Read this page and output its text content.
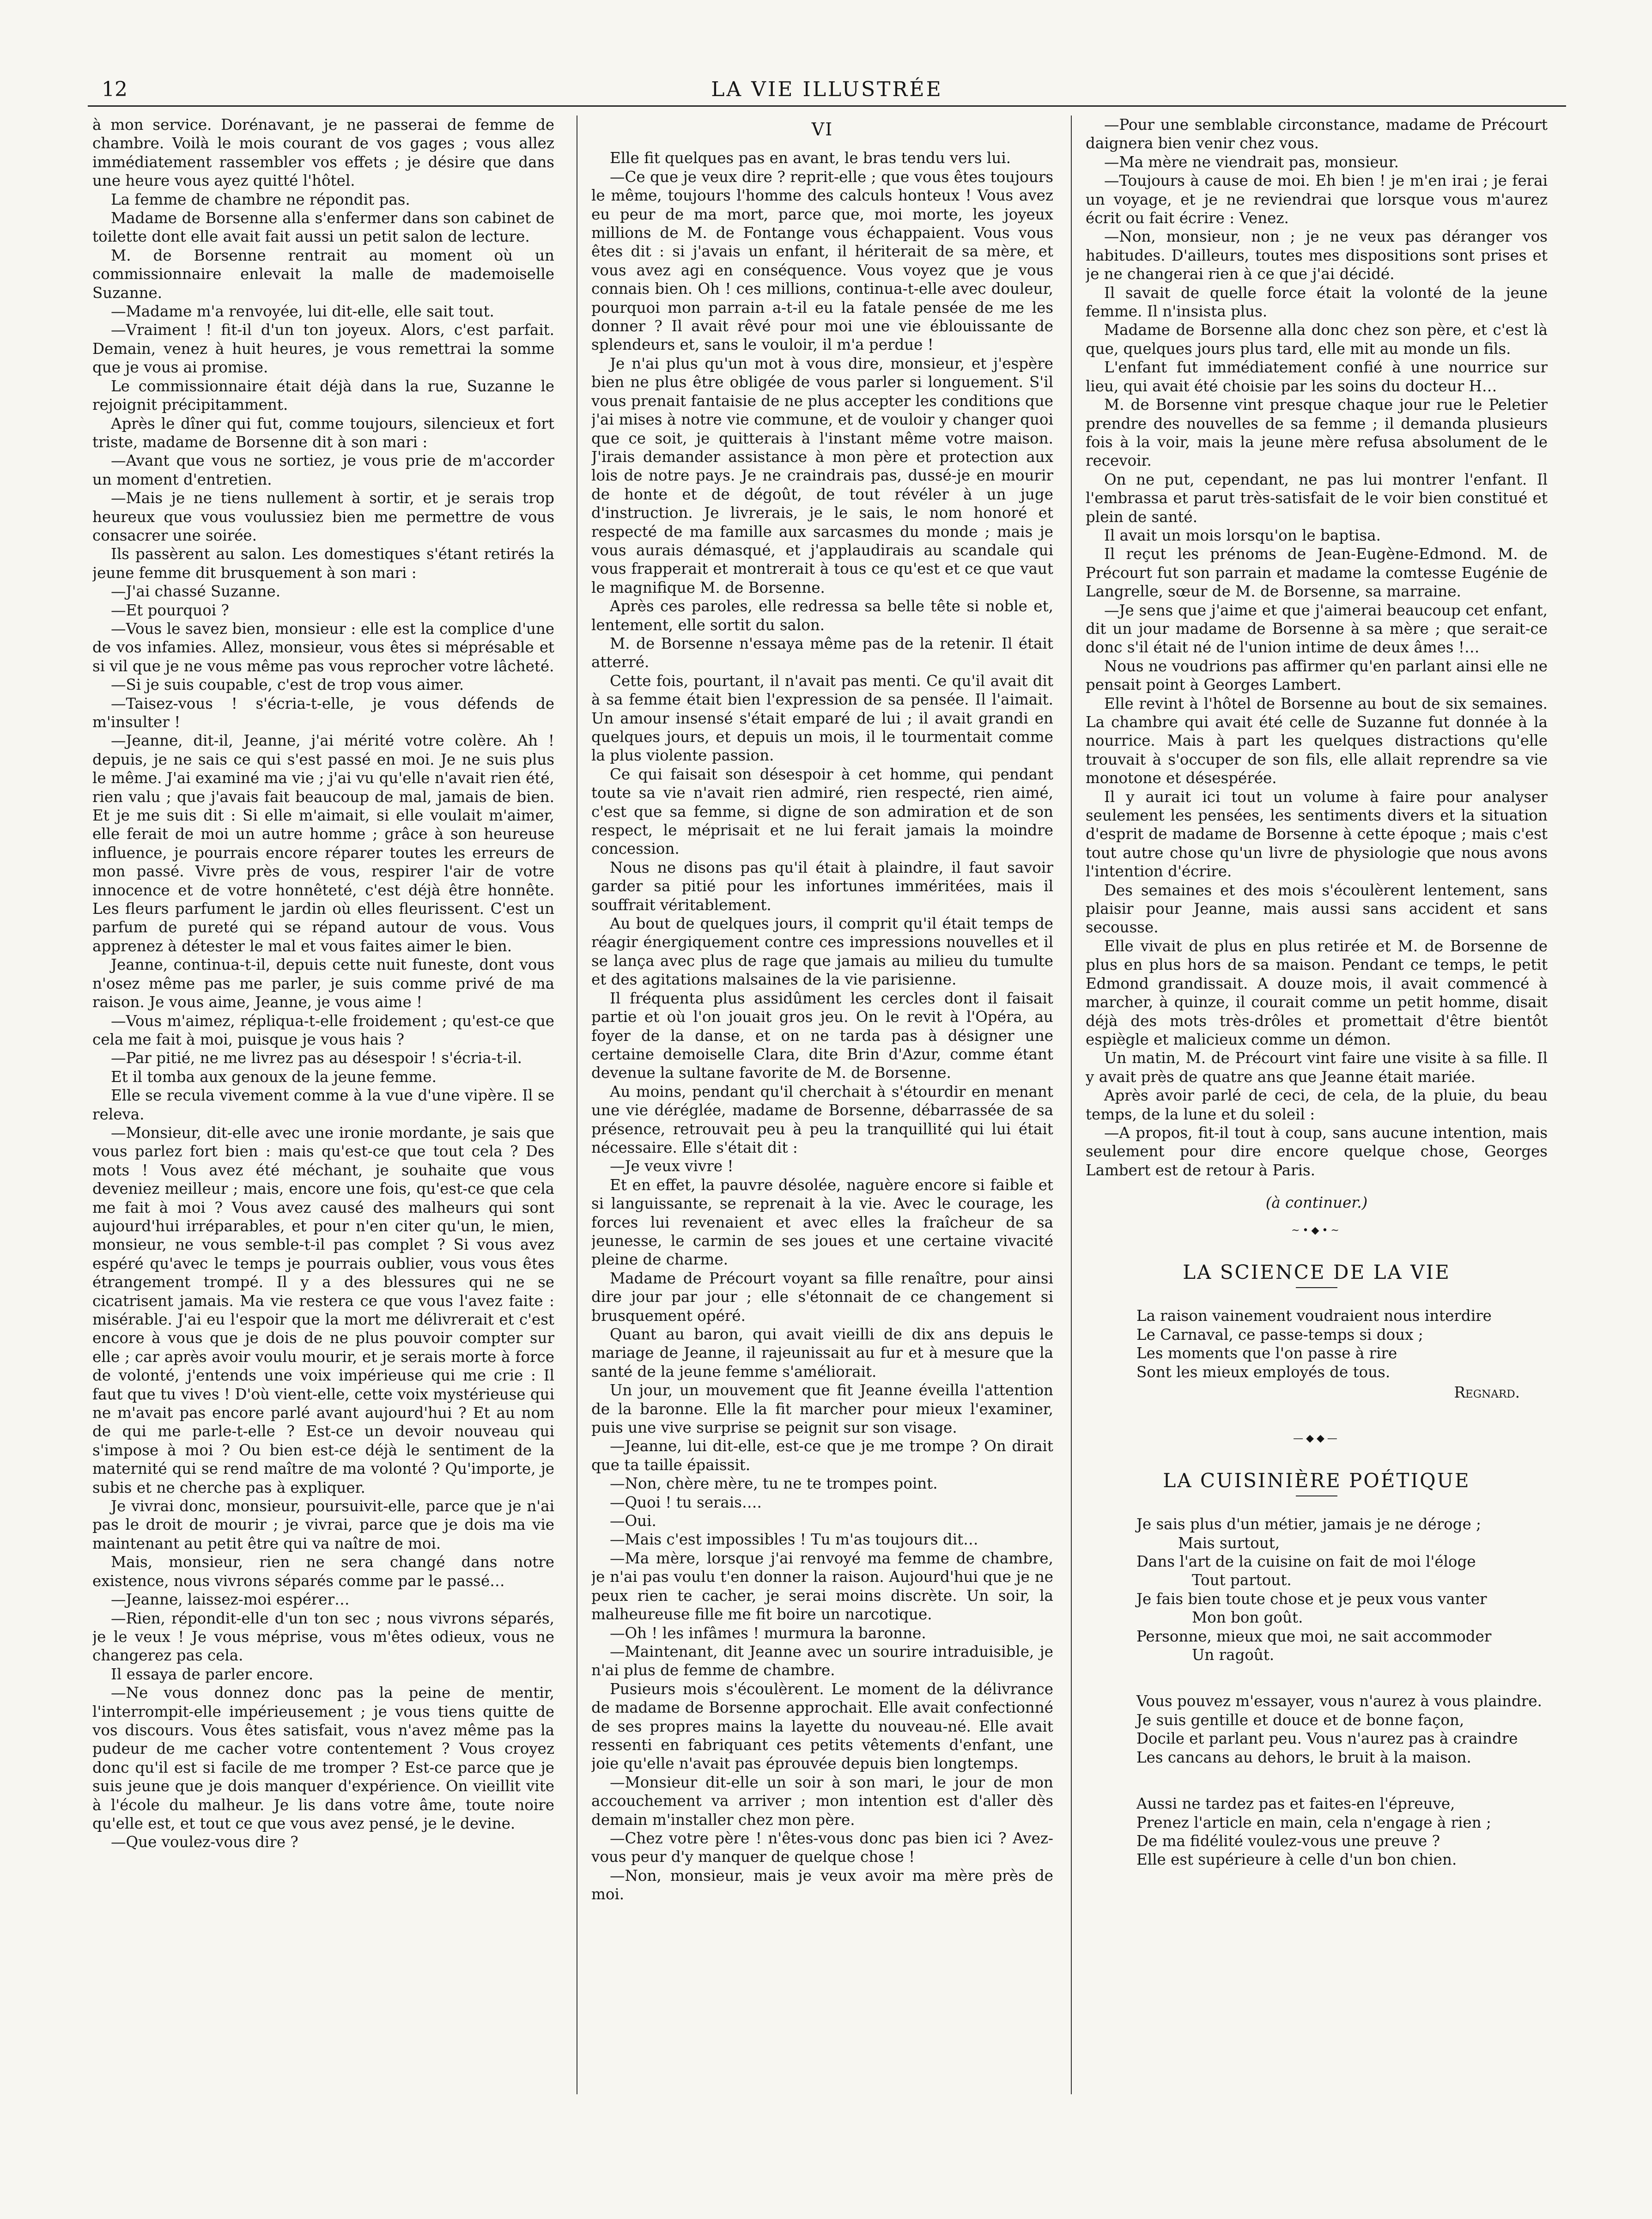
12	LA VIE ILLUSTRÉE

à mon service. Dorénavant, je ne passerai de femme de chambre. Voilà le mois courant de vos gages ; vous allez immédiatement rassembler vos effets ; je désire que dans une heure vous ayez quitté l'hôtel.

La femme de chambre ne répondit pas.

Madame de Borsenne alla s'enfermer dans son cabinet de toilette dont elle avait fait aussi un petit salon de lecture.

M. de Borsenne rentrait au moment où un commissionnaire enlevait la malle de mademoiselle Suzanne.

—Madame m'a renvoyée, lui dit-elle, elle sait tout.

—Vraiment ! fit-il d'un ton joyeux. Alors, c'est parfait. Demain, venez à huit heures, je vous remettrai la somme que je vous ai promise.

Le commissionnaire était déjà dans la rue, Suzanne le rejoignit précipitamment.

Après le dîner qui fut, comme toujours, silencieux et fort triste, madame de Borsenne dit à son mari :

—Avant que vous ne sortiez, je vous prie de m'accorder un moment d'entretien.

—Mais je ne tiens nullement à sortir, et je serais trop heureux que vous voulussiez bien me permettre de vous consacrer une soirée.

Ils passèrent au salon. Les domestiques s'étant retirés la jeune femme dit brusquement à son mari :

—J'ai chassé Suzanne.

—Et pourquoi ?

—Vous le savez bien, monsieur : elle est la complice d'une de vos infamies. Allez, monsieur, vous êtes si méprésable et si vil que je ne vous même pas vous reprocher votre lâcheté.

—Si je suis coupable, c'est de trop vous aimer.

—Taisez-vous ! s'écria-t-elle, je vous défends de m'insulter !

—Jeanne, dit-il, Jeanne, j'ai mérité votre colère. Ah ! depuis, je ne sais ce qui s'est passé en moi. Je ne suis plus le même. J'ai examiné ma vie ; j'ai vu qu'elle n'avait rien été, rien valu ; que j'avais fait beaucoup de mal, jamais de bien. Et je me suis dit : Si elle m'aimait, si elle voulait m'aimer, elle ferait de moi un autre homme ; grâce à son heureuse influence, je pourrais encore réparer toutes les erreurs de mon passé. Vivre près de vous, respirer l'air de votre innocence et de votre honnêteté, c'est déjà être honnête. Les fleurs parfument le jardin où elles fleurissent. C'est un parfum de pureté qui se répand autour de vous. Vous apprenez à détester le mal et vous faites aimer le bien.

Jeanne, continua-t-il, depuis cette nuit funeste, dont vous n'osez même pas me parler, je suis comme privé de ma raison. Je vous aime, Jeanne, je vous aime !

—Vous m'aimez, répliqua-t-elle froidement ; qu'est-ce que cela me fait à moi, puisque je vous hais ?

—Par pitié, ne me livrez pas au désespoir ! s'écria-t-il.

Et il tomba aux genoux de la jeune femme.

Elle se recula vivement comme à la vue d'une vipère. Il se releva.

—Monsieur, dit-elle avec une ironie mordante, je sais que vous parlez fort bien : mais qu'est-ce que tout cela ? Des mots ! Vous avez été méchant, je souhaite que vous deveniez meilleur ; mais, encore une fois, qu'est-ce que cela me fait à moi ? Vous avez causé des malheurs qui sont aujourd'hui irréparables, et pour n'en citer qu'un, le mien, monsieur, ne vous semble-t-il pas complet ? Si vous avez espéré qu'avec le temps je pourrais oublier, vous vous êtes étrangement trompé. Il y a des blessures qui ne se cicatrisent jamais. Ma vie restera ce que vous l'avez faite : misérable. J'ai eu l'espoir que la mort me délivrerait et c'est encore à vous que je dois de ne plus pouvoir compter sur elle ; car après avoir voulu mourir, et je serais morte à force de volonté, j'entends une voix impérieuse qui me crie : Il faut que tu vives ! D'où vient-elle, cette voix mystérieuse qui ne m'avait pas encore parlé avant aujourd'hui ? Et au nom de qui me parle-t-elle ? Est-ce un devoir nouveau qui s'impose à moi ? Ou bien est-ce déjà le sentiment de la maternité qui se rend maître de ma volonté ? Qu'importe, je subis et ne cherche pas à expliquer.

Je vivrai donc, monsieur, poursuivit-elle, parce que je n'ai pas le droit de mourir ; je vivrai, parce que je dois ma vie maintenant au petit être qui va naître de moi.

Mais, monsieur, rien ne sera changé dans notre existence, nous vivrons séparés comme par le passé…

—Jeanne, laissez-moi espérer…

—Rien, répondit-elle d'un ton sec ; nous vivrons séparés, je le veux ! Je vous méprise, vous m'êtes odieux, vous ne changerez pas cela.

Il essaya de parler encore.

—Ne vous donnez donc pas la peine de mentir, l'interrompit-elle impérieusement ; je vous tiens quitte de vos discours. Vous êtes satisfait, vous n'avez même pas la pudeur de me cacher votre contentement ? Vous croyez donc qu'il est si facile de me tromper ? Est-ce parce que je suis jeune que je dois manquer d'expérience. On vieillit vite à l'école du malheur. Je lis dans votre âme, toute noire qu'elle est, et tout ce que vous avez pensé, je le devine.

—Que voulez-vous dire ?

VI

Elle fit quelques pas en avant, le bras tendu vers lui.

—Ce que je veux dire ? reprit-elle ; que vous êtes toujours le même, toujours l'homme des calculs honteux ! Vous avez eu peur de ma mort, parce que, moi morte, les joyeux millions de M. de Fontange vous échappaient. Vous vous êtes dit : si j'avais un enfant, il hériterait de sa mère, et vous avez agi en conséquence. Vous voyez que je vous connais bien. Oh ! ces millions, continua-t-elle avec douleur, pourquoi mon parrain a-t-il eu la fatale pensée de me les donner ? Il avait rêvé pour moi une vie éblouissante de splendeurs et, sans le vouloir, il m'a perdue !

Je n'ai plus qu'un mot à vous dire, monsieur, et j'espère bien ne plus être obligée de vous parler si longuement. S'il vous prenait fantaisie de ne plus accepter les conditions que j'ai mises à notre vie commune, et de vouloir y changer quoi que ce soit, je quitterais à l'instant même votre maison. J'irais demander assistance à mon père et protection aux lois de notre pays. Je ne craindrais pas, dussé-je en mourir de honte et de dégoût, de tout révéler à un juge d'instruction. Je livrerais, je le sais, le nom honoré et respecté de ma famille aux sarcasmes du monde ; mais je vous aurais démasqué, et j'applaudirais au scandale qui vous frapperait et montrerait à tous ce qu'est et ce que vaut le magnifique M. de Borsenne.

Après ces paroles, elle redressa sa belle tête si noble et, lentement, elle sortit du salon.

M. de Borsenne n'essaya même pas de la retenir. Il était atterré.

Cette fois, pourtant, il n'avait pas menti. Ce qu'il avait dit à sa femme était bien l'expression de sa pensée. Il l'aimait. Un amour insensé s'était emparé de lui ; il avait grandi en quelques jours, et depuis un mois, il le tourmentait comme la plus violente passion.

Ce qui faisait son désespoir à cet homme, qui pendant toute sa vie n'avait rien admiré, rien respecté, rien aimé, c'est que sa femme, si digne de son admiration et de son respect, le méprisait et ne lui ferait jamais la moindre concession.

Nous ne disons pas qu'il était à plaindre, il faut savoir garder sa pitié pour les infortunes imméritées, mais il souffrait véritablement.

Au bout de quelques jours, il comprit qu'il était temps de réagir énergiquement contre ces impressions nouvelles et il se lança avec plus de rage que jamais au milieu du tumulte et des agitations malsaines de la vie parisienne.

Il fréquenta plus assidûment les cercles dont il faisait partie et où l'on jouait gros jeu. On le revit à l'Opéra, au foyer de la danse, et on ne tarda pas à désigner une certaine demoiselle Clara, dite Brin d'Azur, comme étant devenue la sultane favorite de M. de Borsenne.

Au moins, pendant qu'il cherchait à s'étourdir en menant une vie déréglée, madame de Borsenne, débarrassée de sa présence, retrouvait peu à peu la tranquillité qui lui était nécessaire. Elle s'était dit :

—Je veux vivre !

Et en effet, la pauvre désolée, naguère encore si faible et si languissante, se reprenait à la vie. Avec le courage, les forces lui revenaient et avec elles la fraîcheur de sa jeunesse, le carmin de ses joues et une certaine vivacité pleine de charme.

Madame de Précourt voyant sa fille renaître, pour ainsi dire jour par jour ; elle s'étonnait de ce changement si brusquement opéré.

Quant au baron, qui avait vieilli de dix ans depuis le mariage de Jeanne, il rajeunissait au fur et à mesure que la santé de la jeune femme s'améliorait.

Un jour, un mouvement que fit Jeanne éveilla l'attention de la baronne. Elle la fit marcher pour mieux l'examiner, puis une vive surprise se peignit sur son visage.

—Jeanne, lui dit-elle, est-ce que je me trompe ? On dirait que ta taille épaissit.

—Non, chère mère, tu ne te trompes point.

—Quoi ! tu serais….

—Oui.

—Mais c'est impossibles ! Tu m'as toujours dit…

—Ma mère, lorsque j'ai renvoyé ma femme de chambre, je n'ai pas voulu t'en donner la raison. Aujourd'hui que je ne peux rien te cacher, je serai moins discrète. Un soir, la malheureuse fille me fit boire un narcotique.

—Oh ! les infâmes ! murmura la baronne.

—Maintenant, dit Jeanne avec un sourire intraduisible, je n'ai plus de femme de chambre.

Pusieurs mois s'écoulèrent. Le moment de la délivrance de madame de Borsenne approchait. Elle avait confectionné de ses propres mains la layette du nouveau-né. Elle avait ressenti en fabriquant ces petits vêtements d'enfant, une joie qu'elle n'avait pas éprouvée depuis bien longtemps.

—Monsieur dit-elle un soir à son mari, le jour de mon accouchement va arriver ; mon intention est d'aller dès demain m'installer chez mon père.

—Chez votre père ! n'êtes-vous donc pas bien ici ? Avez-vous peur d'y manquer de quelque chose !

—Non, monsieur, mais je veux avoir ma mère près de moi.

—Pour une semblable circonstance, madame de Précourt daignera bien venir chez vous.

—Ma mère ne viendrait pas, monsieur.

—Toujours à cause de moi. Eh bien ! je m'en irai ; je ferai un voyage, et je ne reviendrai que lorsque vous m'aurez écrit ou fait écrire : Venez.

—Non, monsieur, non ; je ne veux pas déranger vos habitudes. D'ailleurs, toutes mes dispositions sont prises et je ne changerai rien à ce que j'ai décidé.

Il savait de quelle force était la volonté de la jeune femme. Il n'insista plus.

Madame de Borsenne alla donc chez son père, et c'est là que, quelques jours plus tard, elle mit au monde un fils.

L'enfant fut immédiatement confié à une nourrice sur lieu, qui avait été choisie par les soins du docteur H…

M. de Borsenne vint presque chaque jour rue le Peletier prendre des nouvelles de sa femme ; il demanda plusieurs fois à la voir, mais la jeune mère refusa absolument de le recevoir.

On ne put, cependant, ne pas lui montrer l'enfant. Il l'embrassa et parut très-satisfait de le voir bien constitué et plein de santé.

Il avait un mois lorsqu'on le baptisa.

Il reçut les prénoms de Jean-Eugène-Edmond. M. de Précourt fut son parrain et madame la comtesse Eugénie de Langrelle, sœur de M. de Borsenne, sa marraine.

—Je sens que j'aime et que j'aimerai beaucoup cet enfant, dit un jour madame de Borsenne à sa mère ; que serait-ce donc s'il était né de l'union intime de deux âmes !…

Nous ne voudrions pas affirmer qu'en parlant ainsi elle ne pensait point à Georges Lambert.

Elle revint à l'hôtel de Borsenne au bout de six semaines. La chambre qui avait été celle de Suzanne fut donnée à la nourrice. Mais à part les quelques distractions qu'elle trouvait à s'occuper de son fils, elle allait reprendre sa vie monotone et désespérée.

Il y aurait ici tout un volume à faire pour analyser seulement les pensées, les sentiments divers et la situation d'esprit de madame de Borsenne à cette époque ; mais c'est tout autre chose qu'un livre de physiologie que nous avons l'intention d'écrire.

Des semaines et des mois s'écoulèrent lentement, sans plaisir pour Jeanne, mais aussi sans accident et sans secousse.

Elle vivait de plus en plus retirée et M. de Borsenne de plus en plus hors de sa maison. Pendant ce temps, le petit Edmond grandissait. A douze mois, il avait commencé à marcher, à quinze, il courait comme un petit homme, disait déjà des mots très-drôles et promettait d'être bientôt espiègle et malicieux comme un démon.

Un matin, M. de Précourt vint faire une visite à sa fille. Il y avait près de quatre ans que Jeanne était mariée.

Après avoir parlé de ceci, de cela, de la pluie, du beau temps, de la lune et du soleil :

—A propos, fit-il tout à coup, sans aucune intention, mais seulement pour dire encore quelque chose, Georges Lambert est de retour à Paris.

(à continuer.)
~•◆•~
LA SCIENCE DE LA VIE
La raison vainement voudraient nous interdire
Le Carnaval, ce passe-temps si doux ;
Les moments que l'on passe à rire
Sont les mieux employés de tous.
Regnard.
—◆◆—
LA CUISINIÈRE POÉTIQUE
Je sais plus d'un métier, jamais je ne déroge ;
Mais surtout,
Dans l'art de la cuisine on fait de moi l'éloge
Tout partout.
Je fais bien toute chose et je peux vous vanter
Mon bon goût.
Personne, mieux que moi, ne sait accommoder
Un ragoût.
Vous pouvez m'essayer, vous n'aurez à vous plaindre.
Je suis gentille et douce et de bonne façon,
Docile et parlant peu. Vous n'aurez pas à craindre
Les cancans au dehors, le bruit à la maison.
Aussi ne tardez pas et faites-en l'épreuve,
Prenez l'article en main, cela n'engage à rien ;
De ma fidélité voulez-vous une preuve ?
Elle est supérieure à celle d'un bon chien.
